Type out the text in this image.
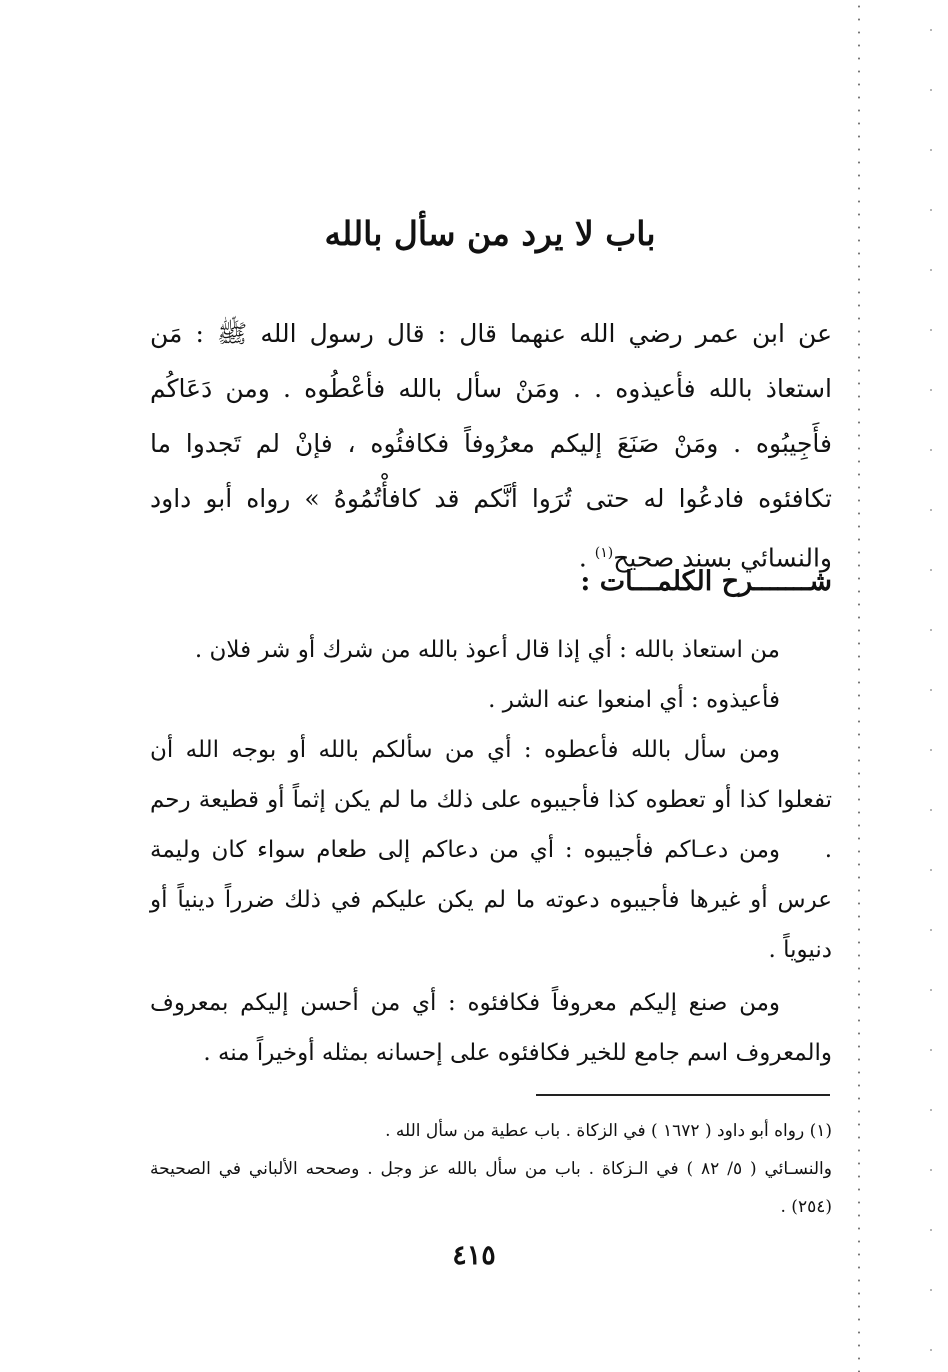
باب لا يرد من سأل بالله

عن ابن عمر رضي الله عنهما قال : قال رسول الله ﷺ : مَن استعاذ بالله فأعيذوه . . ومَنْ سأل بالله فأعْطُوه . ومن دَعَاكُم فأَجِيبُوه . ومَنْ صَنَعَ إليكم معرُوفاً فكافئُوه ، فإنْ لم تَجدوا ما تكافئوه فادعُوا له حتى تُرَوا أنَّكم قد كافأْتُمُوهُ » رواه أبو داود والنسائي بسند صحيح$^{(١)}$ .

شـــــــرح الكلمـــات :

من استعاذ بالله : أي إذا قال أعوذ بالله من شرك أو شر فلان .

فأعيذوه : أي امنعوا عنه الشر .

ومن سأل بالله فأعطوه : أي من سألكم بالله أو بوجه الله أن تفعلوا كذا أو تعطوه كذا فأجيبوه على ذلك ما لم يكن إثماً أو قطيعة رحم .

ومن دعـاكم فأجيبوه : أي من دعاكم إلى طعام سواء كان وليمة عرس أو غيرها فأجيبوه دعوته ما لم يكن عليكم في ذلك ضرراً دينياً أو دنيوياً .

ومن صنع إليكم معروفاً فكافئوه : أي من أحسن إليكم بمعروف والمعروف اسم جامع للخير فكافئوه على إحسانه بمثله أوخيراً منه .

(١) رواه أبو داود ( ١٦٧٢ ) في الزكاة . باب عطية من سأل الله .

والنسـائي ( ٥/ ٨٢ ) في الـزكاة . باب من سأل بالله عز وجل . وصححه الألباني في الصحيحة (٢٥٤) .

٤١٥
